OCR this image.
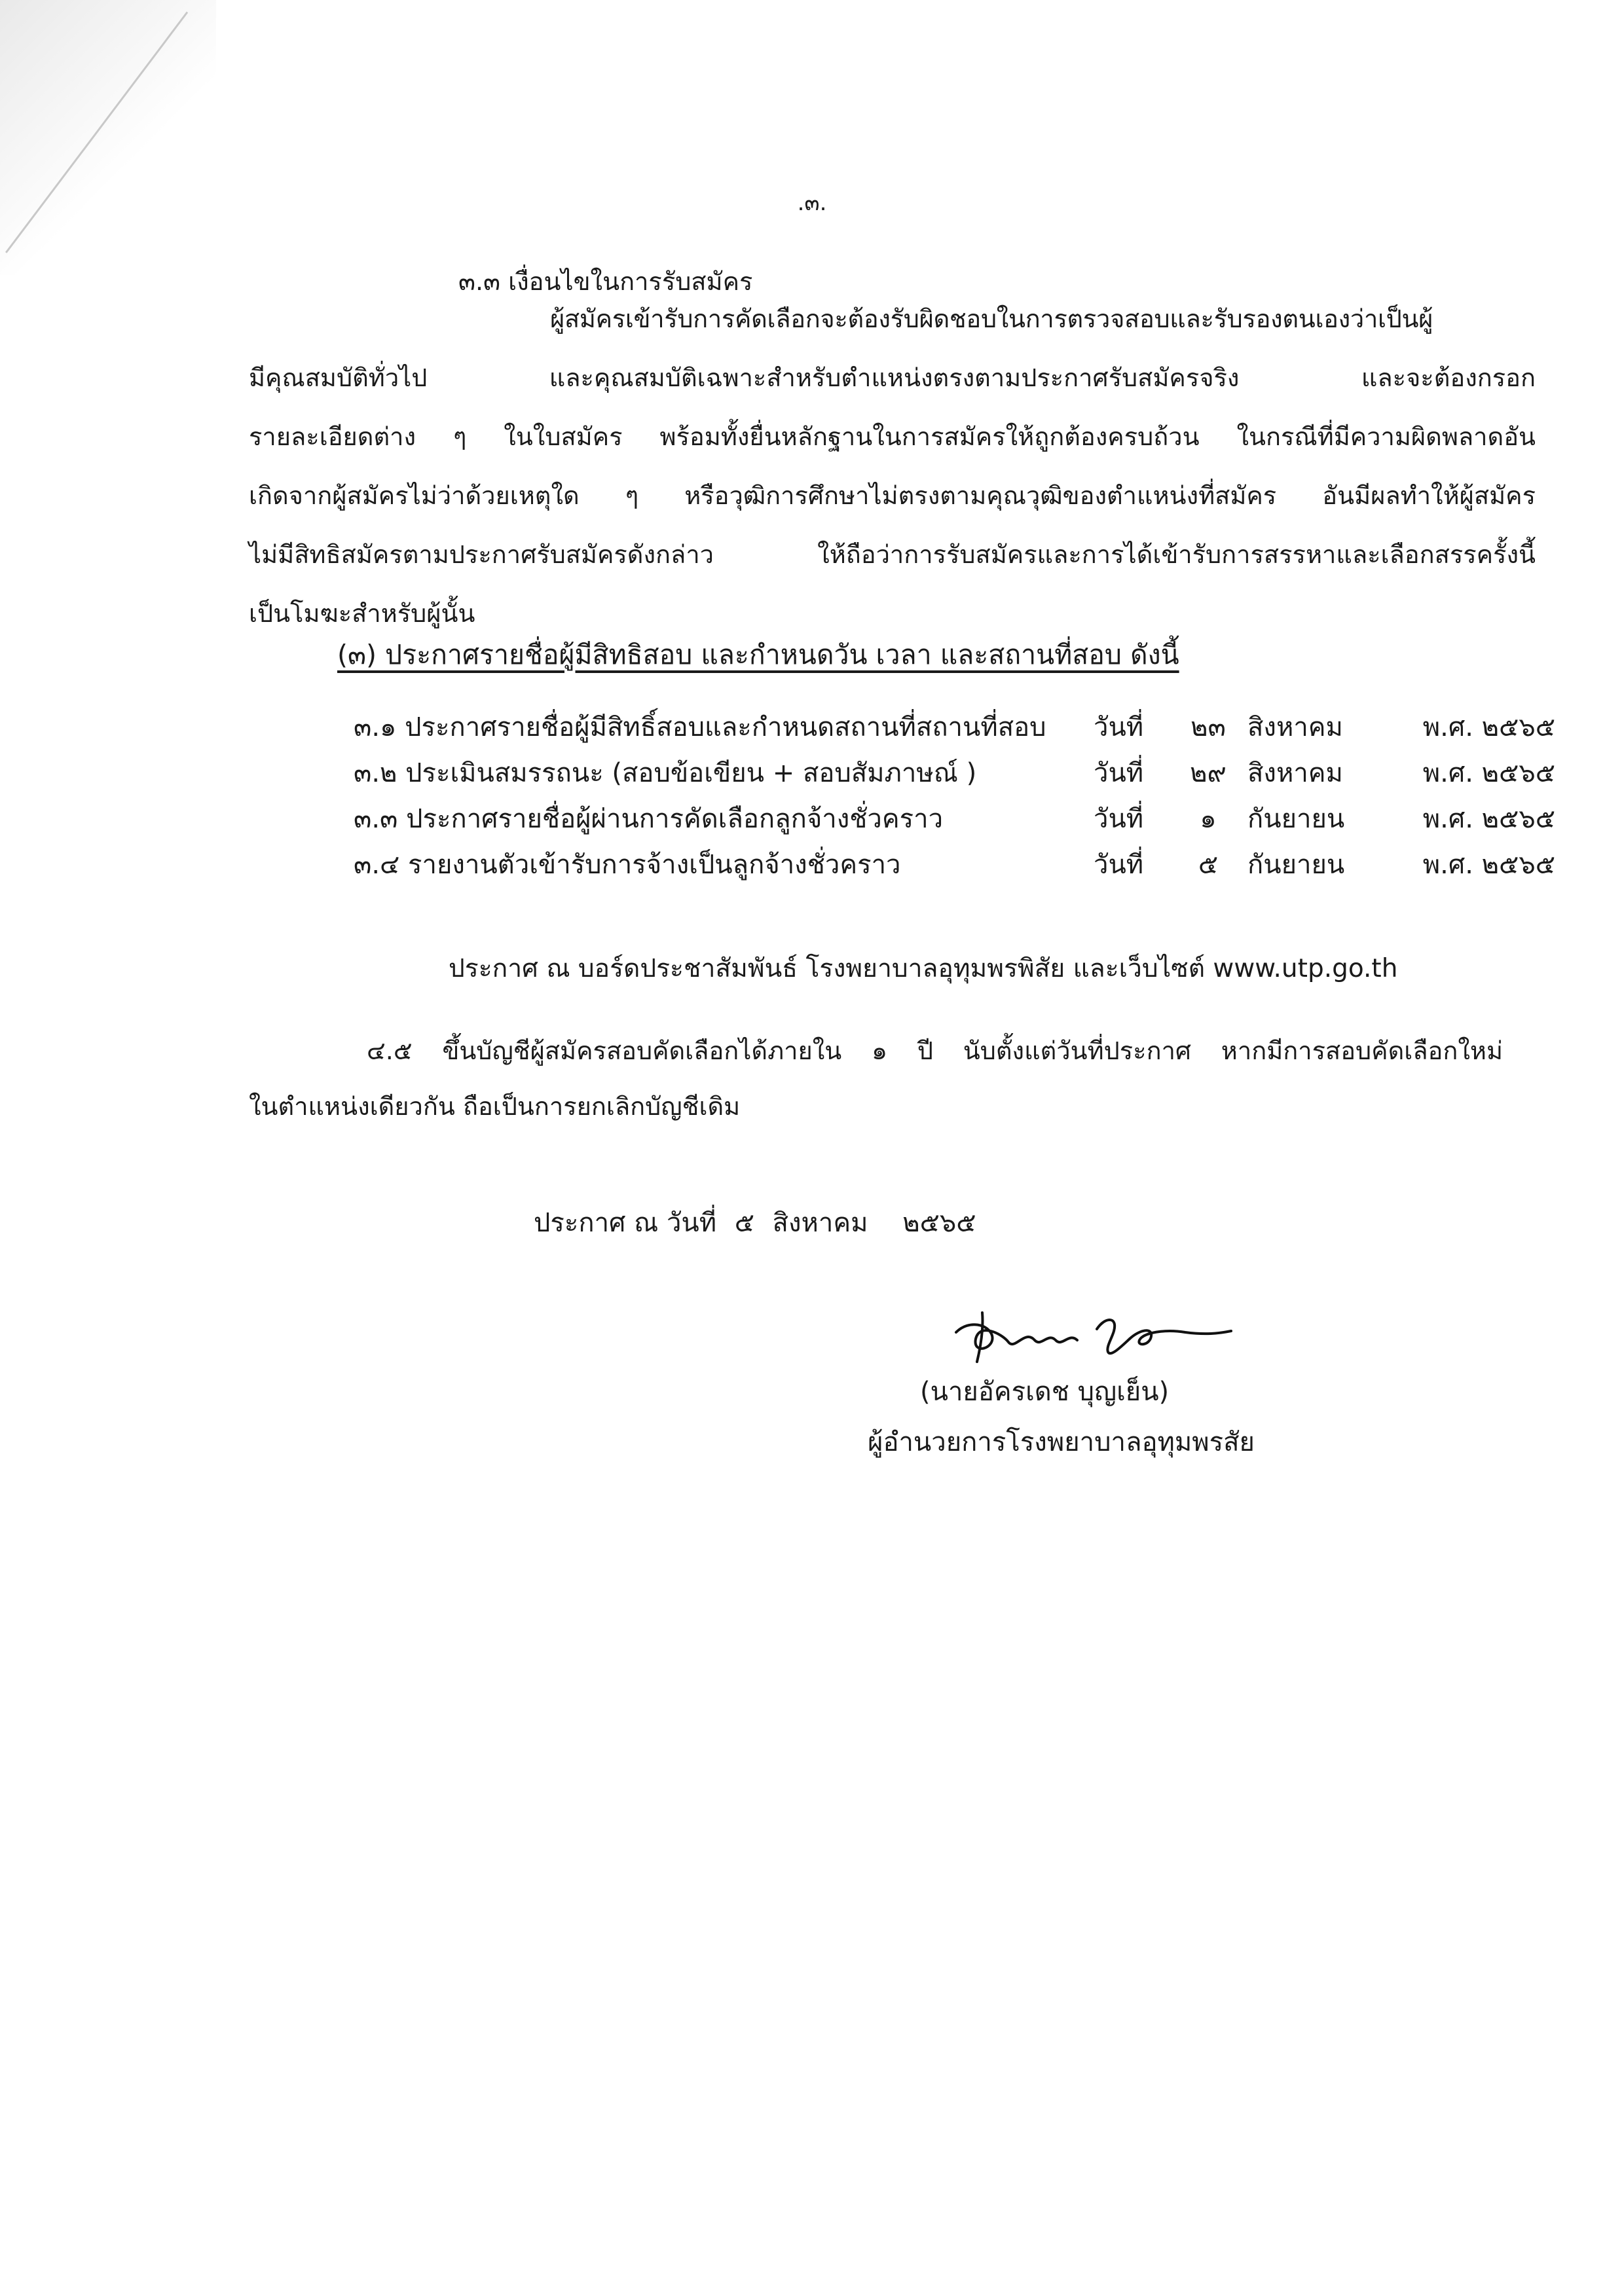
.๓.
๓.๓ เงื่อนไขในการรับสมัคร
ผู้สมัครเข้ารับการคัดเลือกจะต้องรับผิดชอบในการตรวจสอบและรับรองตนเองว่าเป็นผู้
มีคุณสมบัติทั่วไป และคุณสมบัติเฉพาะสำหรับตำแหน่งตรงตามประกาศรับสมัครจริง และจะต้องกรอก
รายละเอียดต่าง ๆ ในใบสมัคร พร้อมทั้งยื่นหลักฐานในการสมัครให้ถูกต้องครบถ้วน ในกรณีที่มีความผิดพลาดอัน
เกิดจากผู้สมัครไม่ว่าด้วยเหตุใด ๆ หรือวุฒิการศึกษาไม่ตรงตามคุณวุฒิของตำแหน่งที่สมัคร อันมีผลทำให้ผู้สมัคร
ไม่มีสิทธิสมัครตามประกาศรับสมัครดังกล่าว ให้ถือว่าการรับสมัครและการได้เข้ารับการสรรหาและเลือกสรรครั้งนี้
เป็นโมฆะสำหรับผู้นั้น
(๓) ประกาศรายชื่อผู้มีสิทธิสอบ และกำหนดวัน เวลา และสถานที่สอบ ดังนี้
๓.๑ ประกาศรายชื่อผู้มีสิทธิ์สอบและกำหนดสถานที่สถานที่สอบ วันที่ ๒๓ สิงหาคม	พ.ศ. ๒๕๖๕
๓.๒ ประเมินสมรรถนะ (สอบข้อเขียน + สอบสัมภาษณ์ )	วันที่ ๒๙ สิงหาคม	พ.ศ. ๒๕๖๕
๓.๓ ประกาศรายชื่อผู้ผ่านการคัดเลือกลูกจ้างชั่วคราว	วันที่	๑	กันยายน	พ.ศ. ๒๕๖๕
๓.๔ รายงานตัวเข้ารับการจ้างเป็นลูกจ้างชั่วคราว	วันที่	๕	กันยายน	พ.ศ. ๒๕๖๕
ประกาศ ณ บอร์ดประชาสัมพันธ์ โรงพยาบาลอุทุมพรพิสัย และเว็บไซต์ www.utp.go.th
๔.๕ ขึ้นบัญชีผู้สมัครสอบคัดเลือกได้ภายใน ๑ ปี นับตั้งแต่วันที่ประกาศ หากมีการสอบคัดเลือกใหม่
ในตำแหน่งเดียวกัน ถือเป็นการยกเลิกบัญชีเดิม
ประกาศ ณ วันที่ ๕ สิงหาคม ๒๕๖๕
(นายอัครเดช บุญเย็น)
ผู้อำนวยการโรงพยาบาลอุทุมพรสัย
